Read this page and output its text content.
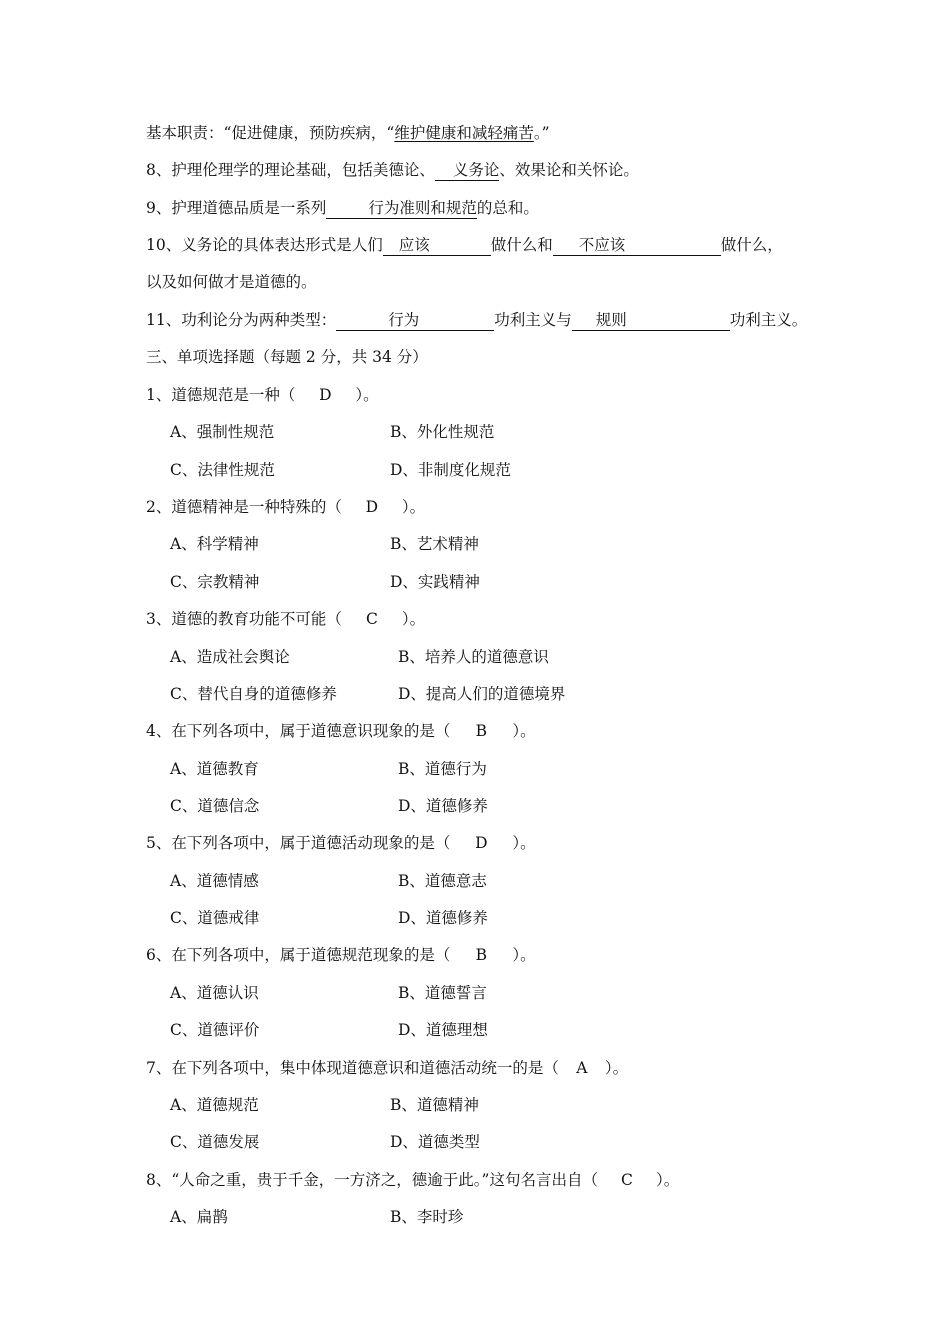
基本职责：“促进健康，预防疾病，“维护健康和减轻痛苦。”
8、护理伦理学的理论基础，包括美德论、 义务论、效果论和关怀论。
9、护理道德品质是一系列	行为准则和规范的总和。
10、义务论的具体表达形式是人们 应该	做什么和 不应该	做什么，
以及如何做才是道德的。
11、功利论分为两种类型：	行为	功利主义与 规则	功利主义。
三、单项选择题（每题 2 分，共 34 分）
1、道德规范是一种（ D ）。
A、强制性规范	B、外化性规范
C、法律性规范	D、非制度化规范
2、道德精神是一种特殊的（ D ）。
A、科学精神	B、艺术精神
C、宗教精神	D、实践精神
3、道德的教育功能不可能（ C ）。
A、造成社会舆论	B、培养人的道德意识
C、替代自身的道德修养	D、提高人们的道德境界
4、在下列各项中，属于道德意识现象的是（ B ）。
A、道德教育	B、道德行为
C、道德信念	D、道德修养
5、在下列各项中，属于道德活动现象的是（ D ）。
A、道德情感	B、道德意志
C、道德戒律	D、道德修养
6、在下列各项中，属于道德规范现象的是（ B ）。
A、道德认识	B、道德誓言
C、道德评价	D、道德理想
7、在下列各项中，集中体现道德意识和道德活动统一的是（ A ）。
A、道德规范	B、道德精神
C、道德发展	D、道德类型
8、“人命之重，贵于千金，一方济之，德逾于此。”这句名言出自（ C ）。
A、扁鹊	B、李时珍
